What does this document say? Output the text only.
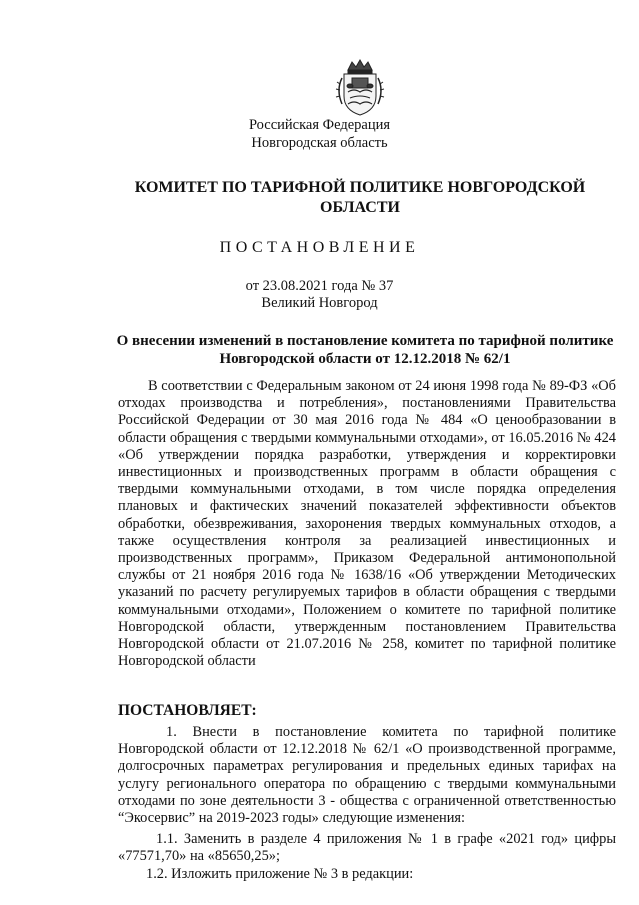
Российская Федерация
Новгородская область
КОМИТЕТ ПО ТАРИФНОЙ ПОЛИТИКЕ НОВГОРОДСКОЙ ОБЛАСТИ
ПОСТАНОВЛЕНИЕ
от 23.08.2021 года № 37
Великий Новгород
О внесении изменений в постановление комитета по тарифной политике Новгородской области от 12.12.2018 № 62/1

В соответствии с Федеральным законом от 24 июня 1998 года № 89-ФЗ «Об отходах производства и потребления», постановлениями Правительства Российской Федерации от 30 мая 2016 года № 484 «О ценообразовании в области обращения с твердыми коммунальными отходами», от 16.05.2016 № 424 «Об утверждении порядка разработки, утверждения и корректировки инвестиционных и производственных программ в области обращения с твердыми коммунальными отходами, в том числе порядка определения плановых и фактических значений показателей эффективности объектов обработки, обезвреживания, захоронения твердых коммунальных отходов, а также осуществления контроля за реализацией инвестиционных и производственных программ», Приказом Федеральной антимонопольной службы от 21 ноября 2016 года № 1638/16 «Об утверждении Методических указаний по расчету регулируемых тарифов в области обращения с твердыми коммунальными отходами», Положением о комитете по тарифной политике Новгородской области, утвержденным постановлением Правительства Новгородской области от 21.07.2016 № 258, комитет по тарифной политике Новгородской области

ПОСТАНОВЛЯЕТ:

1. Внести в постановление комитета по тарифной политике Новгородской области от 12.12.2018 № 62/1 «О производственной программе, долгосрочных параметрах регулирования и предельных единых тарифах на услугу регионального оператора по обращению с твердыми коммунальными отходами по зоне деятельности 3 - общества с ограниченной ответственностью “Экосервис” на 2019-2023 годы» следующие изменения:

1.1. Заменить в разделе 4 приложения № 1 в графе «2021 год» цифры «77571,70» на «85650,25»;

1.2. Изложить приложение № 3 в редакции:
